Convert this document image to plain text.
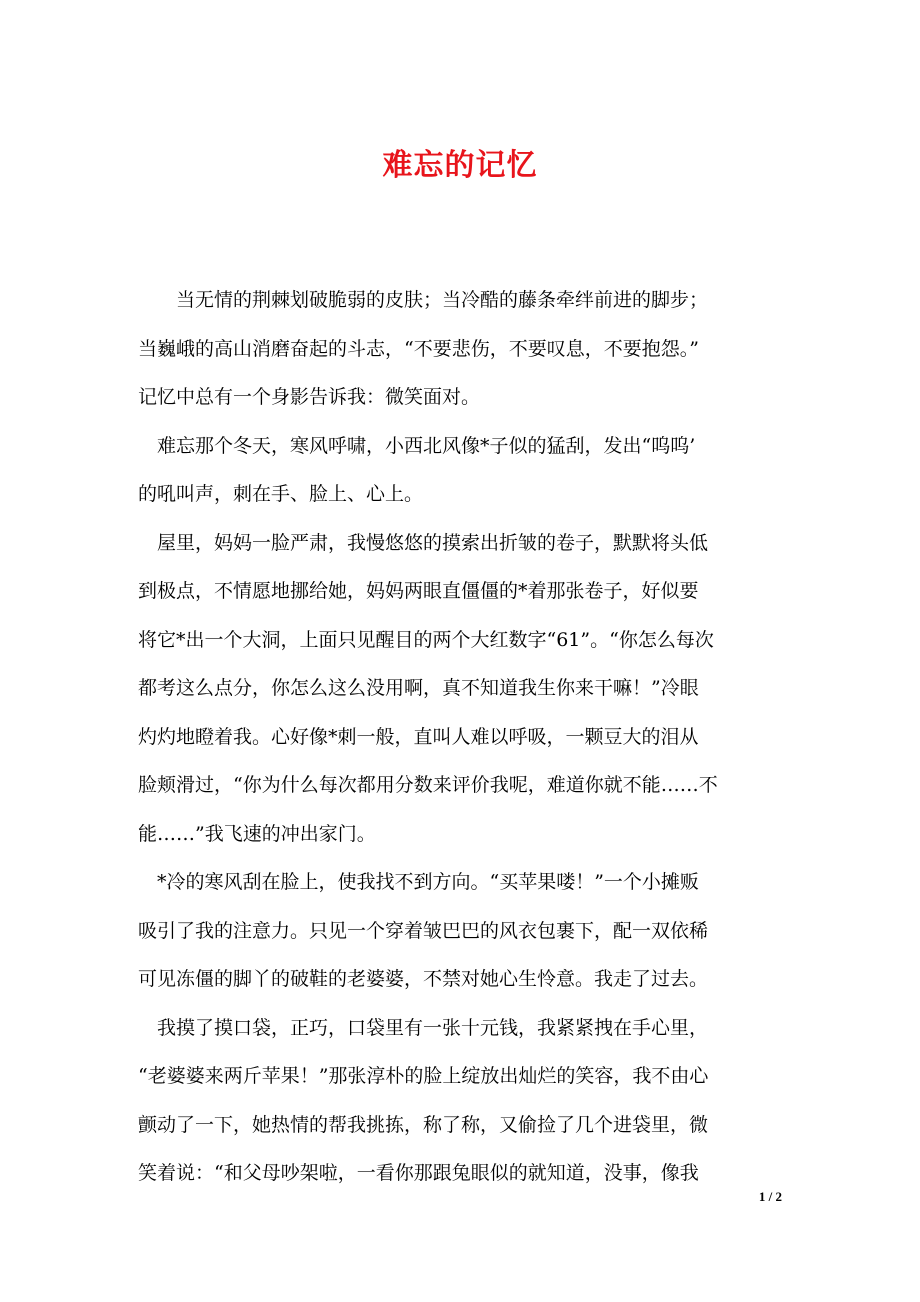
难忘的记忆
　　当无情的荆棘划破脆弱的皮肤；当冷酷的藤条牵绊前进的脚步；
当巍峨的高山消磨奋起的斗志，“不要悲伤，不要叹息，不要抱怨。”
记忆中总有一个身影告诉我：微笑面对。
　难忘那个冬天，寒风呼啸，小西北风像*子似的猛刮，发出“呜呜’
的吼叫声，刺在手、脸上、心上。
　屋里，妈妈一脸严肃，我慢悠悠的摸索出折皱的卷子，默默将头低
到极点，不情愿地挪给她，妈妈两眼直僵僵的*着那张卷子，好似要
将它*出一个大洞，上面只见醒目的两个大红数字“61”。“你怎么每次
都考这么点分，你怎么这么没用啊，真不知道我生你来干嘛！”冷眼
灼灼地瞪着我。心好像*刺一般，直叫人难以呼吸，一颗豆大的泪从
脸颊滑过，“你为什么每次都用分数来评价我呢，难道你就不能……不
能……”我飞速的冲出家门。
　*冷的寒风刮在脸上，使我找不到方向。“买苹果喽！”一个小摊贩
吸引了我的注意力。只见一个穿着皱巴巴的风衣包裹下，配一双依稀
可见冻僵的脚丫的破鞋的老婆婆，不禁对她心生怜意。我走了过去。
　我摸了摸口袋，正巧，口袋里有一张十元钱，我紧紧拽在手心里，
“老婆婆来两斤苹果！”那张淳朴的脸上绽放出灿烂的笑容，我不由心
颤动了一下，她热情的帮我挑拣，称了称，又偷捡了几个进袋里，微
笑着说：“和父母吵架啦，一看你那跟兔眼似的就知道，没事，像我
1 / 2
